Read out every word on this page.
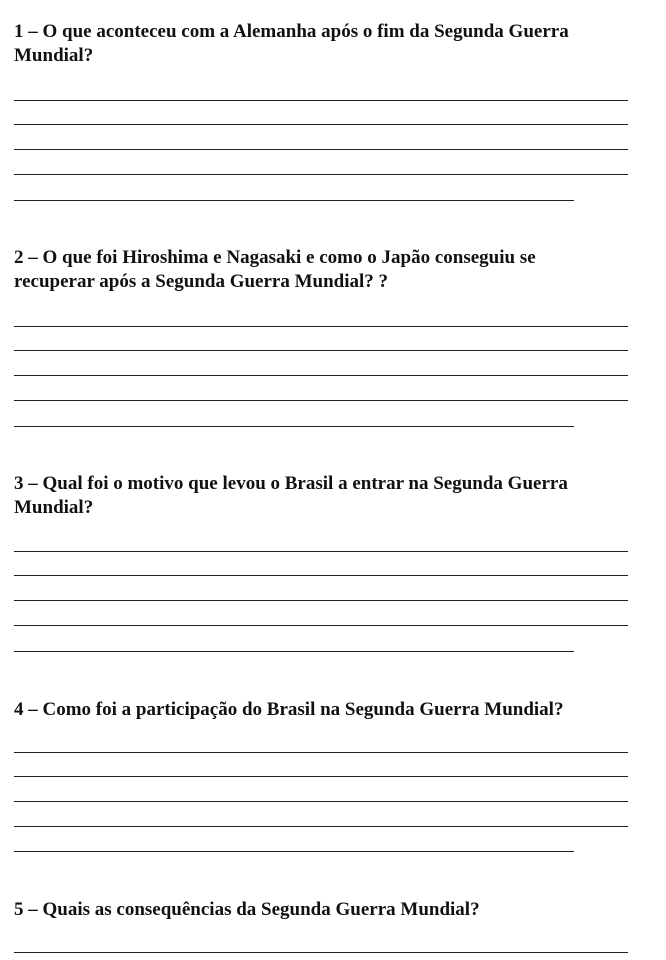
1 – O que aconteceu com a Alemanha após o fim da Segunda Guerra Mundial?

2 – O que foi Hiroshima e Nagasaki e como o Japão conseguiu se recuperar após a Segunda Guerra Mundial? ?

3 – Qual foi o motivo que levou o Brasil a entrar na Segunda Guerra Mundial?

4 – Como foi a participação do Brasil na Segunda Guerra Mundial?

5 – Quais as consequências da Segunda Guerra Mundial?
